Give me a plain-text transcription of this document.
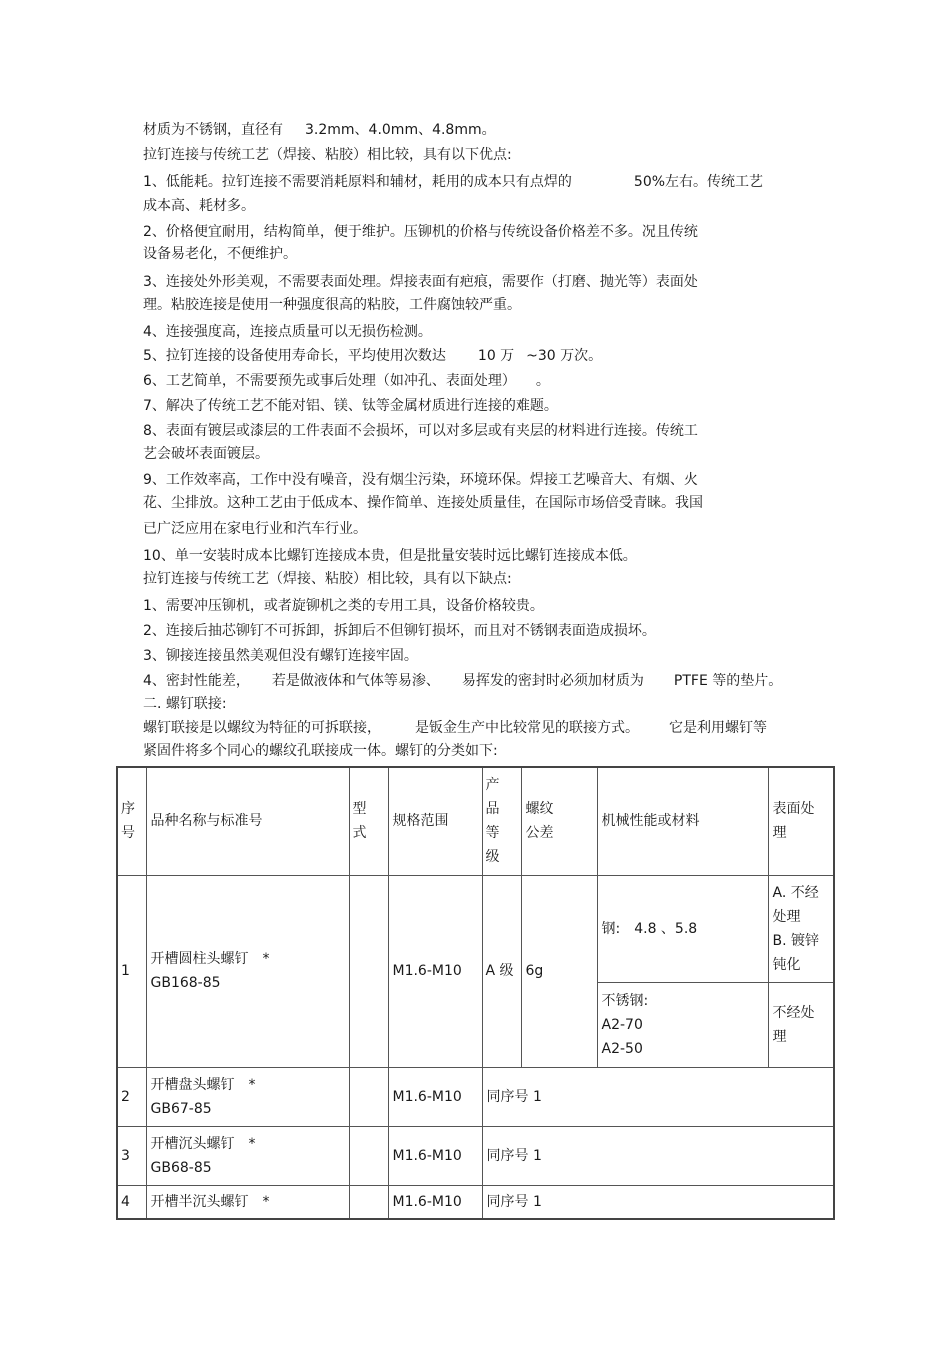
材质为不锈钢，直径有 3.2mm、4.0mm、4.8mm。
拉钉连接与传统工艺（焊接、粘胶）相比较，具有以下优点:
1、低能耗。拉钉连接不需要消耗原料和辅材，耗用的成本只有点焊的	50%左右。传统工艺
成本高、耗材多。
2、价格便宜耐用，结构简单，便于维护。压铆机的价格与传统设备价格差不多。况且传统
设备易老化，不便维护。
3、连接处外形美观，不需要表面处理。焊接表面有疤痕，需要作（打磨、抛光等）表面处
理。粘胶连接是使用一种强度很高的粘胶，工件腐蚀较严重。
4、连接强度高，连接点质量可以无损伤检测。
5、拉钉连接的设备使用寿命长，平均使用次数达 10 万 ~30 万次。
6、工艺简单，不需要预先或事后处理（如冲孔、表面处理） 。
7、解决了传统工艺不能对铝、镁、钛等金属材质进行连接的难题。
8、表面有镀层或漆层的工件表面不会损坏，可以对多层或有夹层的材料进行连接。传统工
艺会破坏表面镀层。
9、工作效率高，工作中没有噪音，没有烟尘污染，环境环保。焊接工艺噪音大、有烟、火
花、尘排放。这种工艺由于低成本、操作简单、连接处质量佳，在国际市场倍受青睐。我国
已广泛应用在家电行业和汽车行业。
10、单一安装时成本比螺钉连接成本贵，但是批量安装时远比螺钉连接成本低。
拉钉连接与传统工艺（焊接、粘胶）相比较，具有以下缺点:
1、需要冲压铆机，或者旋铆机之类的专用工具，设备价格较贵。
2、连接后抽芯铆钉不可拆卸，拆卸后不但铆钉损坏，而且对不锈钢表面造成损坏。
3、铆接连接虽然美观但没有螺钉连接牢固。
4、密封性能差， 若是做液体和气体等易渗、 易挥发的密封时必须加材质为 PTFE 等的垫片。
二. 螺钉联接:
螺钉联接是以螺纹为特征的可拆联接， 是钣金生产中比较常见的联接方式。 它是利用螺钉等
紧固件将多个同心的螺纹孔联接成一体。螺钉的分类如下:
序
号	品种名称与标准号	型
式	规格范围	产
品
等
级	螺纹
公差	机械性能或材料	表面处
理
1	开槽圆柱头螺钉　*
GB168-85		M1.6-M10	A 级	6g	钢:　4.8 、5.8	A. 不经
处理
B. 镀锌
钝化
						不锈钢:
A2-70
A2-50	不经处
理
2	开槽盘头螺钉　*
GB67-85		M1.6-M10	同序号 1			
3	开槽沉头螺钉　*
GB68-85		M1.6-M10	同序号 1			
4	开槽半沉头螺钉　*		M1.6-M10	同序号 1			
